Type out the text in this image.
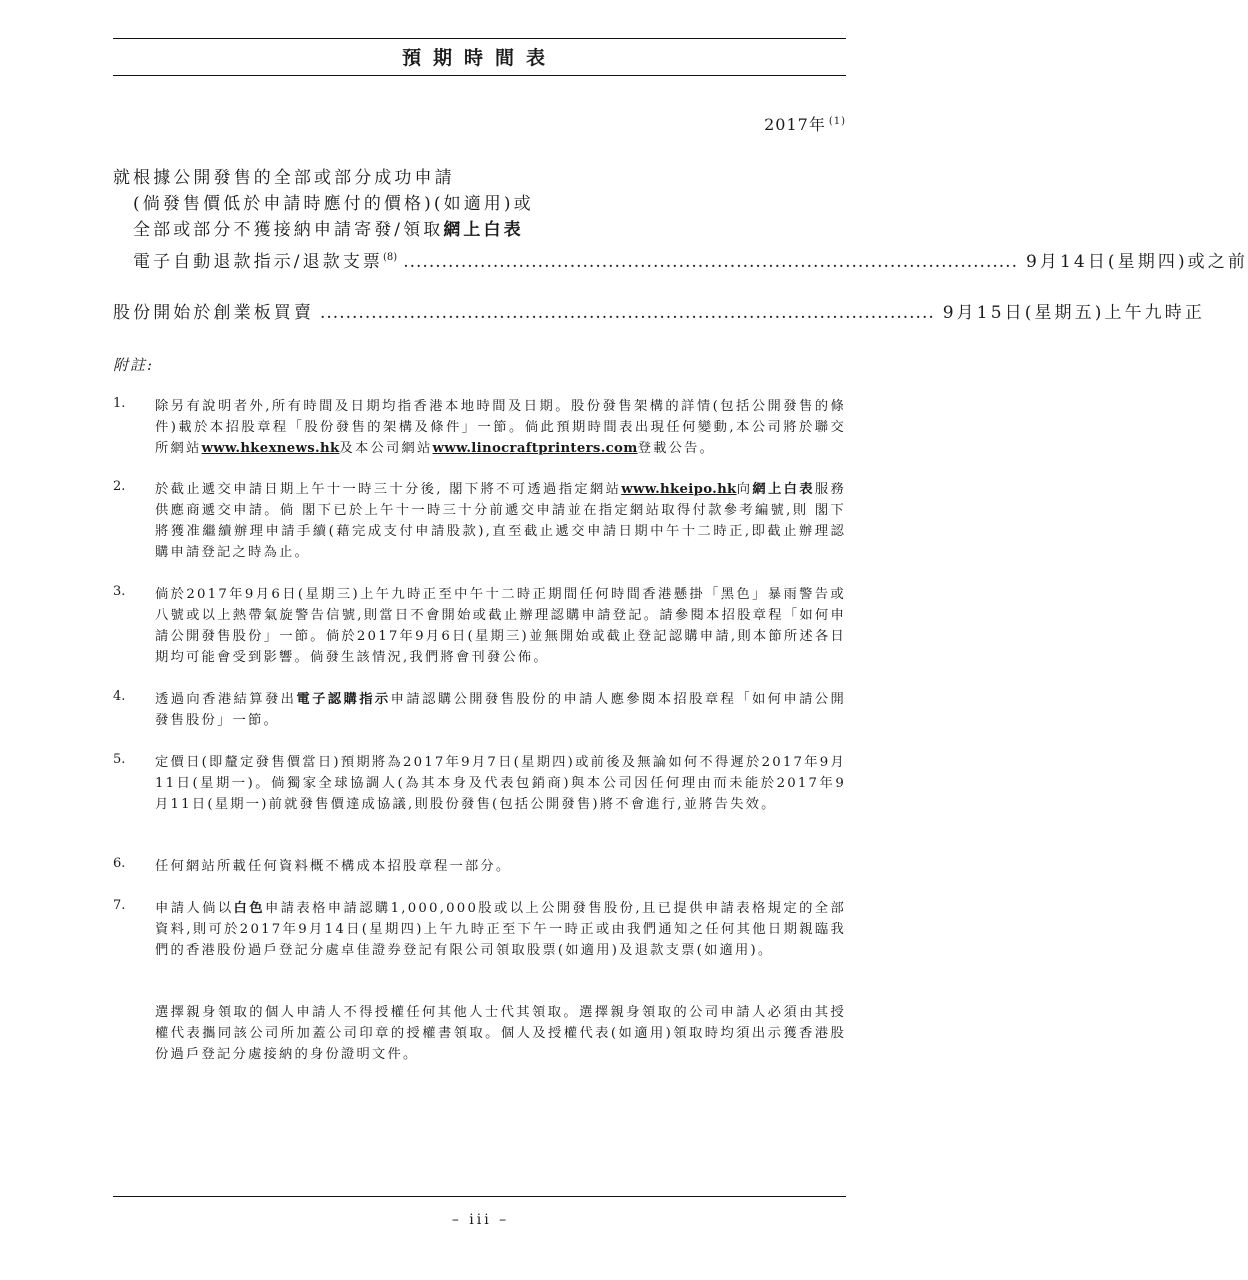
預期時間表
2017年 $^{(1)}$
就根據公開發售的全部或部分成功申請
(倘發售價低於申請時應付的價格)(如適用)或
全部或部分不獲接納申請寄發/領取網上白表
電子自動退款指示/退款支票$^{(8)}$ ................................................................................................ 9月14日(星期四)或之前
股份開始於創業板買賣 ................................................................................................ 9月15日(星期五)上午九時正
附註:
1.	除另有說明者外,所有時間及日期均指香港本地時間及日期。股份發售架構的詳情(包括公開發售的條件)載於本招股章程「股份發售的架構及條件」一節。倘此預期時間表出現任何變動,本公司將於聯交所網站www.hkexnews.hk及本公司網站www.linocraftprinters.com登載公告。
2.	於截止遞交申請日期上午十一時三十分後, 閣下將不可透過指定網站www.hkeipo.hk向網上白表服務供應商遞交申請。倘 閣下已於上午十一時三十分前遞交申請並在指定網站取得付款參考編號,則 閣下將獲准繼續辦理申請手續(藉完成支付申請股款),直至截止遞交申請日期中午十二時正,即截止辦理認購申請登記之時為止。
3.	倘於2017年9月6日(星期三)上午九時正至中午十二時正期間任何時間香港懸掛「黑色」暴雨警告或八號或以上熱帶氣旋警告信號,則當日不會開始或截止辦理認購申請登記。請參閱本招股章程「如何申請公開發售股份」一節。倘於2017年9月6日(星期三)並無開始或截止登記認購申請,則本節所述各日期均可能會受到影響。倘發生該情況,我們將會刊發公佈。
4.	透過向香港結算發出電子認購指示申請認購公開發售股份的申請人應參閱本招股章程「如何申請公開發售股份」一節。
5.	定價日(即釐定發售價當日)預期將為2017年9月7日(星期四)或前後及無論如何不得遲於2017年9月11日(星期一)。倘獨家全球協調人(為其本身及代表包銷商)與本公司因任何理由而未能於2017年9月11日(星期一)前就發售價達成協議,則股份發售(包括公開發售)將不會進行,並將告失效。
6.	任何網站所載任何資料概不構成本招股章程一部分。
7.	申請人倘以白色申請表格申請認購1,000,000股或以上公開發售股份,且已提供申請表格規定的全部資料,則可於2017年9月14日(星期四)上午九時正至下午一時正或由我們通知之任何其他日期親臨我們的香港股份過戶登記分處卓佳證券登記有限公司領取股票(如適用)及退款支票(如適用)。
選擇親身領取的個人申請人不得授權任何其他人士代其領取。選擇親身領取的公司申請人必須由其授權代表攜同該公司所加蓋公司印章的授權書領取。個人及授權代表(如適用)領取時均須出示獲香港股份過戶登記分處接納的身份證明文件。
– iii –
